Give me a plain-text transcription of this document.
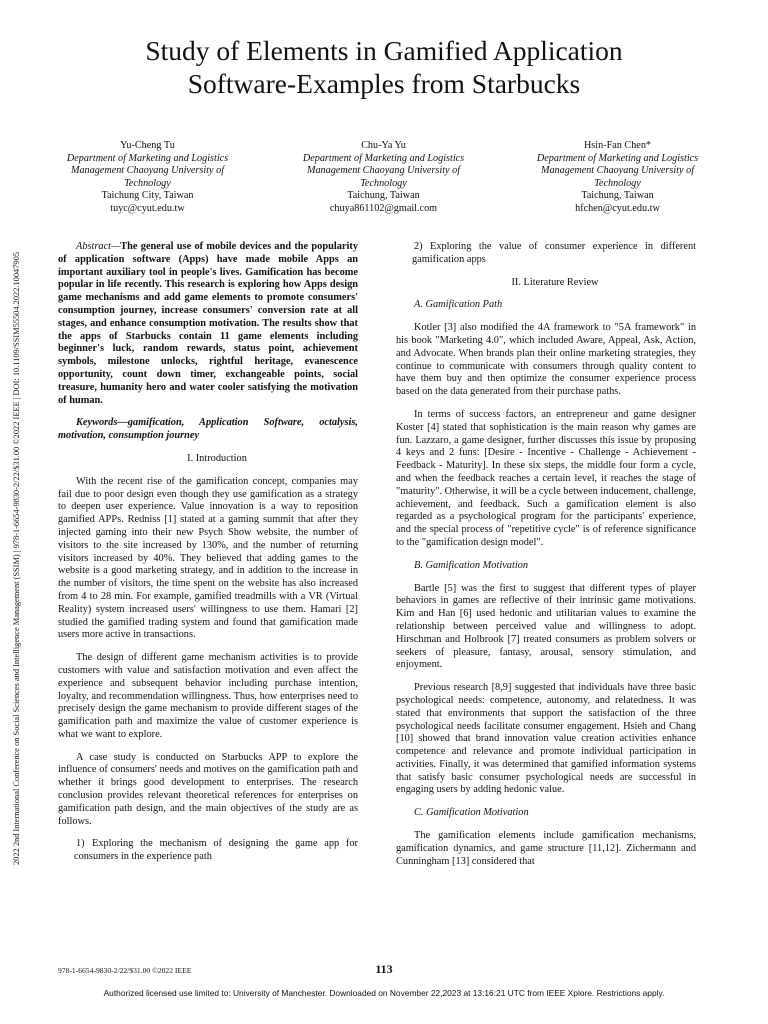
Study of Elements in Gamified Application
Software-Examples from Starbucks
Yu-Cheng Tu
Department of Marketing and Logistics
Management Chaoyang University of
Technology
Taichung City, Taiwan
tuyc@cyut.edu.tw
Chu-Ya Yu
Department of Marketing and Logistics
Management Chaoyang University of
Technology
Taichung, Taiwan
chuya861102@gmail.com
Hsin-Fan Chen*
Department of Marketing and Logistics
Management Chaoyang University of
Technology
Taichung, Taiwan
hfchen@cyut.edu.tw
2022 2nd International Conference on Social Sciences and Intelligence Management (SSIM) | 978-1-6654-9830-2/22/$31.00 ©2022 IEEE | DOI: 10.1109/SSIM55504.2022.10047905

Abstract—The general use of mobile devices and the popularity of application software (Apps) have made mobile Apps an important auxiliary tool in people's lives. Gamification has become popular in life recently. This research is exploring how Apps design game mechanisms and add game elements to promote consumers' consumption journey, increase consumers' conversion rate at all stages, and enhance consumption motivation. The results show that the apps of Starbucks contain 11 game elements including beginner's luck, random rewards, status point, achievement symbols, milestone unlocks, rightful heritage, evanescence opportunity, count down timer, exchangeable points, social treasure, humanity hero and water cooler satisfying the motivation of human.

Keywords—gamification, Application Software, octalysis, motivation, consumption journey

I. Introduction

With the recent rise of the gamification concept, companies may fail due to poor design even though they use gamification as a strategy to deepen user experience. Value innovation is a way to reposition gamified APPs. Redniss [1] stated at a gaming summit that after they injected gaming into their new Psych Show website, the number of visitors to the site increased by 130%, and the number of returning visitors increased by 40%. They believed that adding games to the website is a good marketing strategy, and in addition to the increase in the number of visitors, the time spent on the website has also increased from 4 to 28 min. For example, gamified treadmills with a VR (Virtual Reality) system increased users' willingness to use them. Hamari [2] studied the gamified trading system and found that gamification made users more active in transactions.

The design of different game mechanism activities is to provide customers with value and satisfaction motivation and even affect the experience and subsequent behavior including purchase intention, loyalty, and recommendation willingness. Thus, how enterprises need to precisely design the game mechanism to provide different stages of the gamification path and maximize the value of customer experience is what we want to explore.

A case study is conducted on Starbucks APP to explore the influence of consumers' needs and motives on the gamification path and whether it brings good development to enterprises. The research conclusion provides relevant theoretical references for enterprises on gamification path design, and the main objectives of the study are as follows.

1) Exploring the mechanism of designing the game app for consumers in the experience path

2) Exploring the value of consumer experience in different gamification apps

II. Literature Review

A. Gamification Path

Kotler [3] also modified the 4A framework to "5A framework" in his book "Marketing 4.0", which included Aware, Appeal, Ask, Action, and Advocate. When brands plan their online marketing strategies, they continue to communicate with consumers through quality content to have them buy and then optimize the consumer experience process based on the data generated from their purchase paths.

In terms of success factors, an entrepreneur and game designer Koster [4] stated that sophistication is the main reason why games are fun. Lazzaro, a game designer, further discusses this issue by proposing 4 keys and 2 funs: [Desire - Incentive - Challenge - Achievement - Feedback - Maturity]. In these six steps, the middle four form a cycle, and when the feedback reaches a certain level, it reaches the stage of "maturity". Otherwise, it will be a cycle between inducement, challenge, achievement, and feedback. Such a gamification element is also regarded as a psychological program for the participants' experience, and the special process of "repetitive cycle" is of reference significance to the "gamification design model".

B. Gamification Motivation

Bartle [5] was the first to suggest that different types of player behaviors in games are reflective of their intrinsic game motivations. Kim and Han [6] used hedonic and utilitarian values to examine the relationship between perceived value and willingness to adopt. Hirschman and Holbrook [7] treated consumers as problem solvers or seekers of pleasure, fantasy, arousal, sensory stimulation, and enjoyment.

Previous research [8,9] suggested that individuals have three basic psychological needs: competence, autonomy, and relatedness. It was stated that environments that support the satisfaction of the three psychological needs facilitate consumer engagement. Hsieh and Chang [10] showed that brand innovation value creation activities enhance competence and relevance and promote individual participation in activities. Finally, it was determined that gamified information systems that satisfy basic consumer psychological needs are successful in engaging users by adding hedonic value.

C. Gamification Motivation

The gamification elements include gamification mechanisms, gamification dynamics, and game structure [11,12]. Zichermann and Cunningham [13] considered that

978-1-6654-9830-2/22/$31.00 ©2022 IEEE	113
Authorized licensed use limited to: University of Manchester. Downloaded on November 22,2023 at 13:16:21 UTC from IEEE Xplore. Restrictions apply.
